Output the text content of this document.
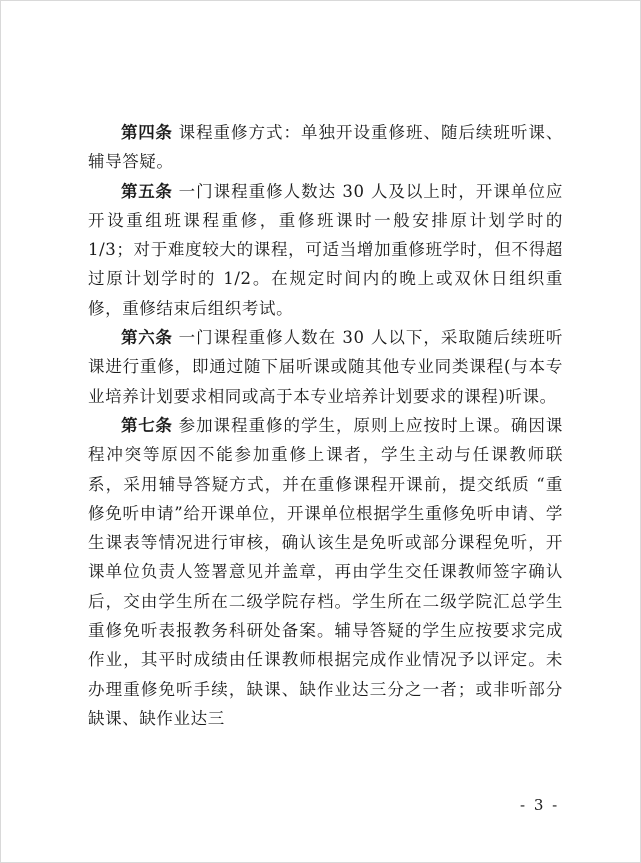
第四条 课程重修方式：单独开设重修班、随后续班听课、辅导答疑。

第五条 一门课程重修人数达 30 人及以上时，开课单位应开设重组班课程重修，重修班课时一般安排原计划学时的 1/3；对于难度较大的课程，可适当增加重修班学时，但不得超过原计划学时的 1/2。在规定时间内的晚上或双休日组织重修，重修结束后组织考试。

第六条 一门课程重修人数在 30 人以下，采取随后续班听课进行重修，即通过随下届听课或随其他专业同类课程(与本专业培养计划要求相同或高于本专业培养计划要求的课程)听课。

第七条 参加课程重修的学生，原则上应按时上课。确因课程冲突等原因不能参加重修上课者，学生主动与任课教师联系，采用辅导答疑方式，并在重修课程开课前，提交纸质 “重修免听申请”给开课单位，开课单位根据学生重修免听申请、学生课表等情况进行审核，确认该生是免听或部分课程免听，开课单位负责人签署意见并盖章，再由学生交任课教师签字确认后，交由学生所在二级学院存档。学生所在二级学院汇总学生重修免听表报教务科研处备案。辅导答疑的学生应按要求完成作业，其平时成绩由任课教师根据完成作业情况予以评定。未办理重修免听手续，缺课、缺作业达三分之一者；或非听部分缺课、缺作业达三

- 3 -
